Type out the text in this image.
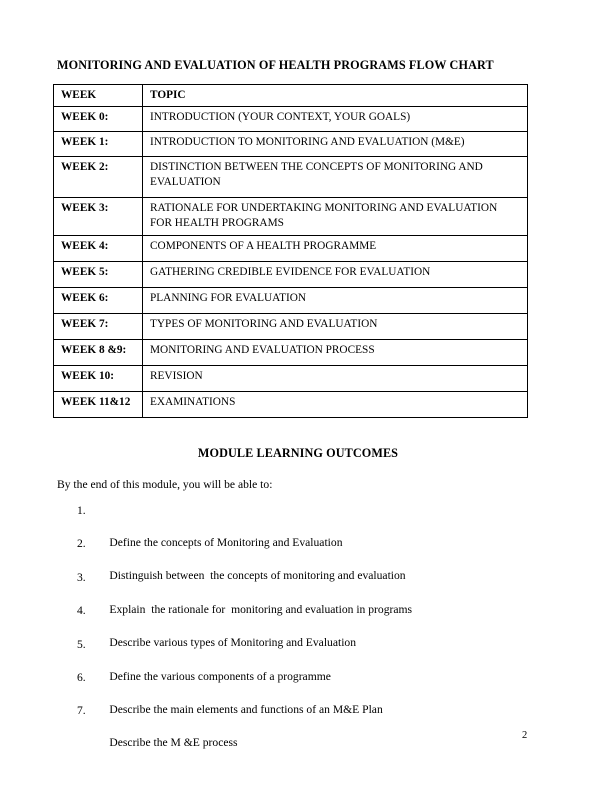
MONITORING AND EVALUATION OF HEALTH PROGRAMS FLOW CHART
WEEK	TOPIC
WEEK 0:	INTRODUCTION (YOUR CONTEXT, YOUR GOALS)
WEEK 1:	INTRODUCTION TO MONITORING AND EVALUATION (M&E)
WEEK 2:	DISTINCTION BETWEEN THE CONCEPTS OF MONITORING AND EVALUATION
WEEK 3:	RATIONALE FOR UNDERTAKING MONITORING AND EVALUATION FOR HEALTH PROGRAMS
WEEK 4:	COMPONENTS OF A HEALTH PROGRAMME
WEEK 5:	GATHERING CREDIBLE EVIDENCE FOR EVALUATION
WEEK 6:	PLANNING FOR EVALUATION
WEEK 7:	TYPES OF MONITORING AND EVALUATION
WEEK 8 &9:	MONITORING AND EVALUATION PROCESS
WEEK 10:	REVISION
WEEK 11&12	EXAMINATIONS
MODULE LEARNING OUTCOMES
By the end of this module, you will be able to:

1.

Define the concepts of Monitoring and Evaluation

2.

Distinguish between  the concepts of monitoring and evaluation

3.

Explain  the rationale for  monitoring and evaluation in programs

4.

Describe various types of Monitoring and Evaluation

5.

Define the various components of a programme

6.

Describe the main elements and functions of an M&E Plan

7.

Describe the M &E process

2
